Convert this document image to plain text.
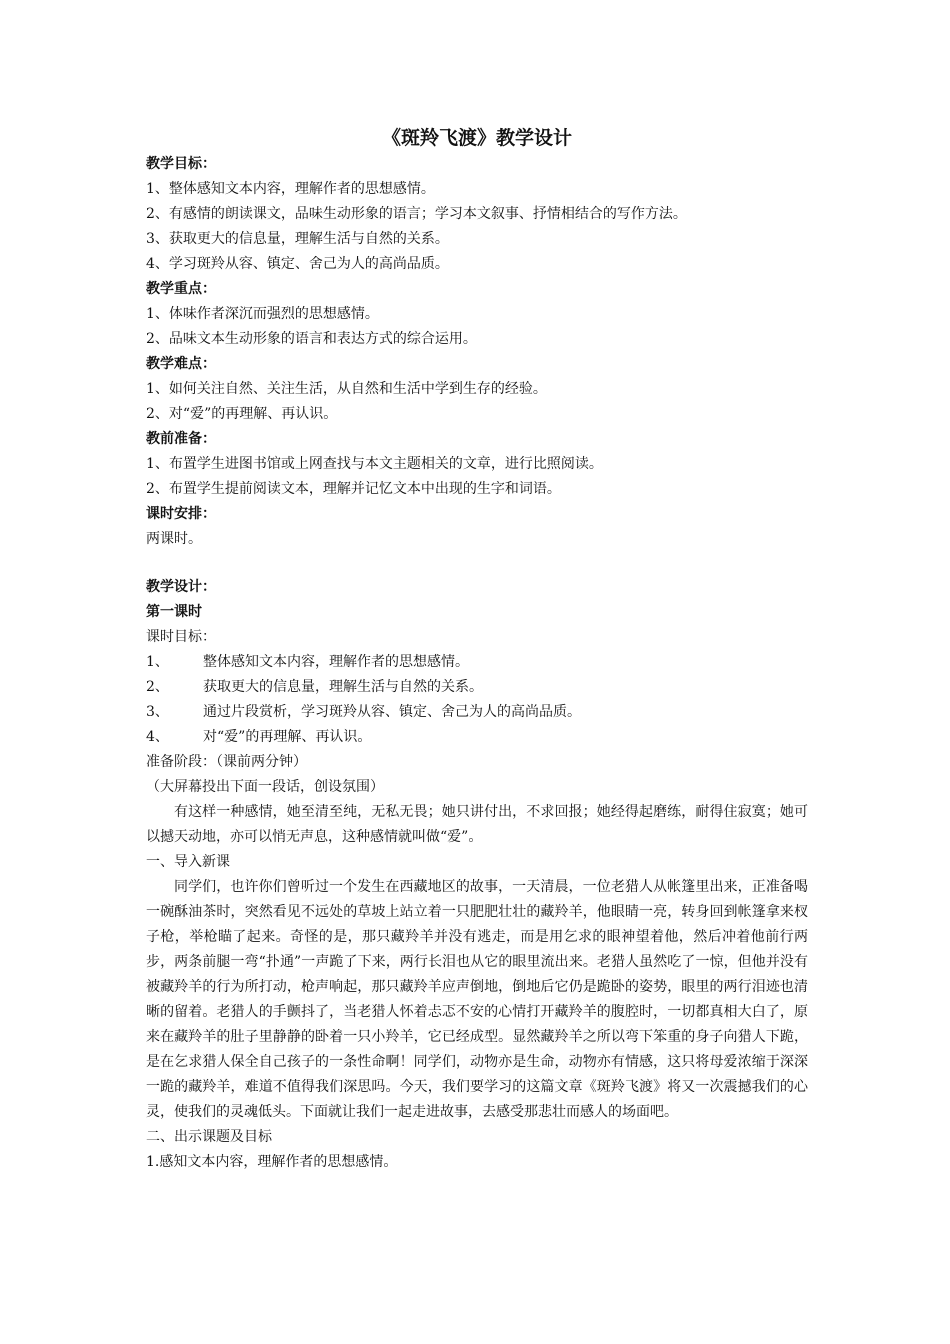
《斑羚飞渡》教学设计

教学目标：

1、整体感知文本内容，理解作者的思想感情。

2、有感情的朗读课文，品味生动形象的语言；学习本文叙事、抒情相结合的写作方法。

3、获取更大的信息量，理解生活与自然的关系。

4、学习斑羚从容、镇定、舍己为人的高尚品质。

教学重点：

1、体味作者深沉而强烈的思想感情。

2、品味文本生动形象的语言和表达方式的综合运用。

教学难点：

1、如何关注自然、关注生活，从自然和生活中学到生存的经验。

2、对“爱”的再理解、再认识。

教前准备：

1、布置学生进图书馆或上网查找与本文主题相关的文章，进行比照阅读。

2、布置学生提前阅读文本，理解并记忆文本中出现的生字和词语。

课时安排：

两课时。

教学设计：

第一课时

课时目标：

1、 整体感知文本内容，理解作者的思想感情。

2、 获取更大的信息量，理解生活与自然的关系。

3、 通过片段赏析，学习斑羚从容、镇定、舍己为人的高尚品质。

4、 对“爱”的再理解、再认识。

准备阶段：（课前两分钟）

（大屏幕投出下面一段话，创设氛围）

有这样一种感情，她至清至纯，无私无畏；她只讲付出，不求回报；她经得起磨练，耐得住寂寞；她可以撼天动地，亦可以悄无声息，这种感情就叫做“爱”。

一、导入新课

同学们，也许你们曾听过一个发生在西藏地区的故事，一天清晨，一位老猎人从帐篷里出来，正准备喝一碗酥油茶时，突然看见不远处的草坡上站立着一只肥肥壮壮的藏羚羊，他眼睛一亮，转身回到帐篷拿来杈子枪，举枪瞄了起来。奇怪的是，那只藏羚羊并没有逃走，而是用乞求的眼神望着他，然后冲着他前行两步，两条前腿一弯“扑通”一声跪了下来，两行长泪也从它的眼里流出来。老猎人虽然吃了一惊，但他并没有被藏羚羊的行为所打动，枪声响起，那只藏羚羊应声倒地，倒地后它仍是跪卧的姿势，眼里的两行泪迹也清晰的留着。老猎人的手颤抖了，当老猎人怀着忐忑不安的心情打开藏羚羊的腹腔时，一切都真相大白了，原来在藏羚羊的肚子里静静的卧着一只小羚羊，它已经成型。显然藏羚羊之所以弯下笨重的身子向猎人下跪，是在乞求猎人保全自己孩子的一条性命啊！同学们，动物亦是生命，动物亦有情感，这只将母爱浓缩于深深一跪的藏羚羊，难道不值得我们深思吗。今天，我们要学习的这篇文章《斑羚飞渡》将又一次震撼我们的心灵，使我们的灵魂低头。下面就让我们一起走进故事，去感受那悲壮而感人的场面吧。

二、出示课题及目标

1.感知文本内容，理解作者的思想感情。
